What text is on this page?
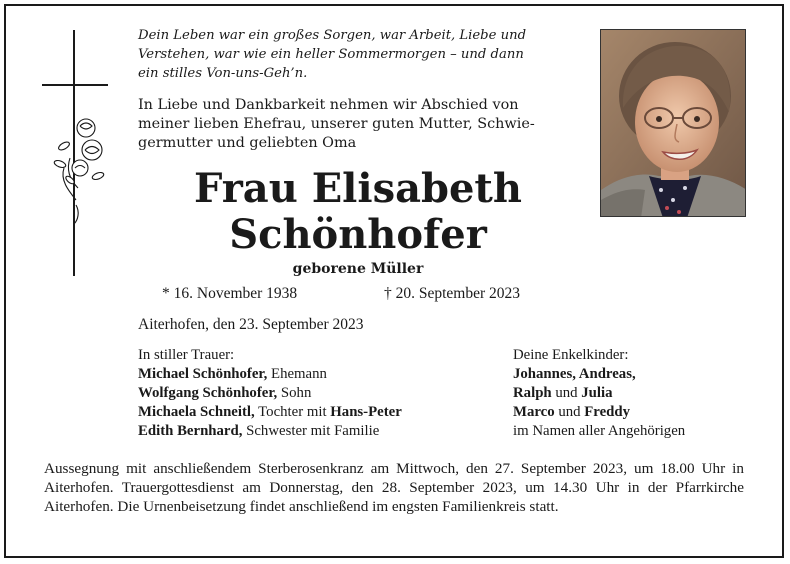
Dein Leben war ein großes Sorgen, war Arbeit, Liebe und
Verstehen, war wie ein heller Sommermorgen – und dann
ein stilles Von-uns-Geh’n.
In Liebe und Dankbarkeit nehmen wir Abschied von
meiner lieben Ehefrau, unserer guten Mutter, Schwie-
germutter und geliebten Oma
Frau Elisabeth
Schönhofer
geborene Müller
* 16. November 1938	† 20. September 2023
Aiterhofen, den 23. September 2023
In stiller Trauer:
Michael Schönhofer, Ehemann
Wolfgang Schönhofer, Sohn
Michaela Schneitl, Tochter mit Hans-Peter
Edith Bernhard, Schwester mit Familie
Deine Enkelkinder:
Johannes, Andreas,
Ralph und Julia
Marco und Freddy
im Namen aller Angehörigen
Aussegnung mit anschließendem Sterberosenkranz am Mittwoch, den 27. September 2023, um 18.00 Uhr in Aiterhofen. Trauergottesdienst am Donnerstag, den 28. September 2023, um 14.30 Uhr in der Pfarrkirche Aiterhofen. Die Urnenbeisetzung findet anschließend im engsten Familienkreis statt.
